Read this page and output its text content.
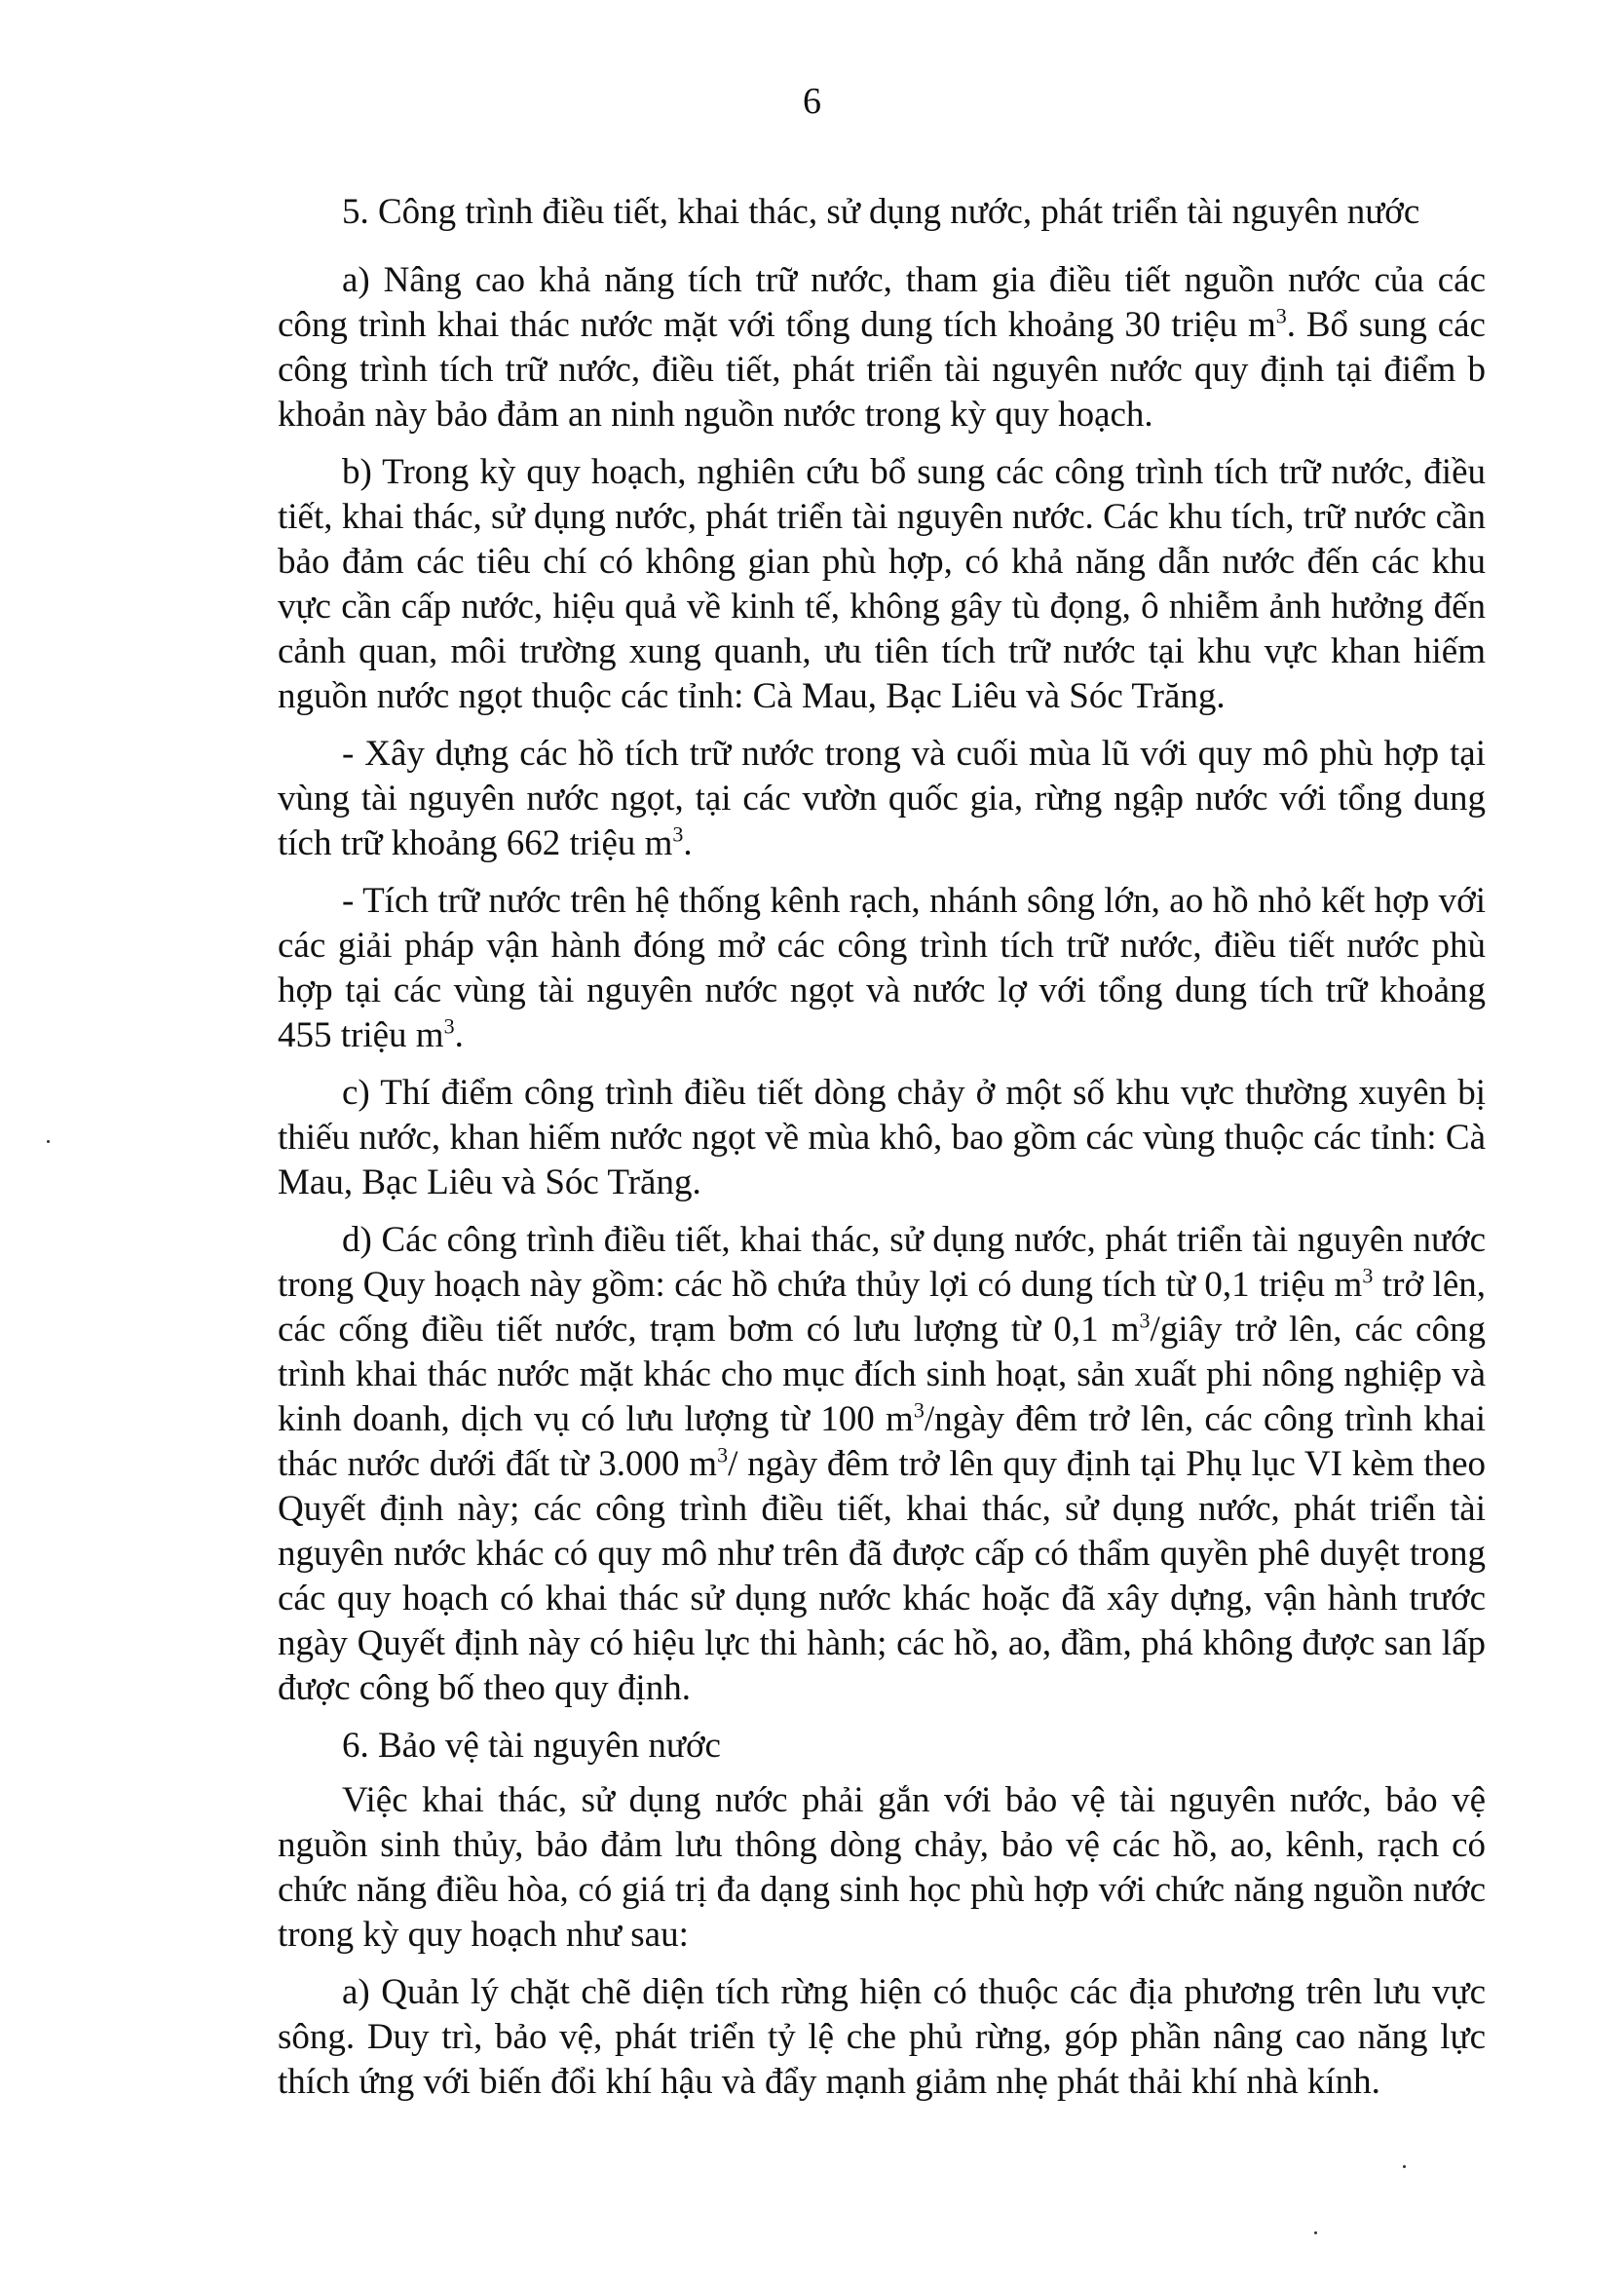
6

5. Công trình điều tiết, khai thác, sử dụng nước, phát triển tài nguyên nước

a) Nâng cao khả năng tích trữ nước, tham gia điều tiết nguồn nước của các công trình khai thác nước mặt với tổng dung tích khoảng 30 triệu $m^3$. Bổ sung các công trình tích trữ nước, điều tiết, phát triển tài nguyên nước quy định tại điểm b khoản này bảo đảm an ninh nguồn nước trong kỳ quy hoạch.

b) Trong kỳ quy hoạch, nghiên cứu bổ sung các công trình tích trữ nước, điều tiết, khai thác, sử dụng nước, phát triển tài nguyên nước. Các khu tích, trữ nước cần bảo đảm các tiêu chí có không gian phù hợp, có khả năng dẫn nước đến các khu vực cần cấp nước, hiệu quả về kinh tế, không gây tù đọng, ô nhiễm ảnh hưởng đến cảnh quan, môi trường xung quanh, ưu tiên tích trữ nước tại khu vực khan hiếm nguồn nước ngọt thuộc các tỉnh: Cà Mau, Bạc Liêu và Sóc Trăng.

- Xây dựng các hồ tích trữ nước trong và cuối mùa lũ với quy mô phù hợp tại vùng tài nguyên nước ngọt, tại các vườn quốc gia, rừng ngập nước với tổng dung tích trữ khoảng 662 triệu $m^3$.

- Tích trữ nước trên hệ thống kênh rạch, nhánh sông lớn, ao hồ nhỏ kết hợp với các giải pháp vận hành đóng mở các công trình tích trữ nước, điều tiết nước phù hợp tại các vùng tài nguyên nước ngọt và nước lợ với tổng dung tích trữ khoảng 455 triệu $m^3$.

c) Thí điểm công trình điều tiết dòng chảy ở một số khu vực thường xuyên bị thiếu nước, khan hiếm nước ngọt về mùa khô, bao gồm các vùng thuộc các tỉnh: Cà Mau, Bạc Liêu và Sóc Trăng.

d) Các công trình điều tiết, khai thác, sử dụng nước, phát triển tài nguyên nước trong Quy hoạch này gồm: các hồ chứa thủy lợi có dung tích từ 0,1 triệu $m^3$ trở lên, các cống điều tiết nước, trạm bơm có lưu lượng từ 0,1 $m^3$/giây trở lên, các công trình khai thác nước mặt khác cho mục đích sinh hoạt, sản xuất phi nông nghiệp và kinh doanh, dịch vụ có lưu lượng từ 100 $m^3$/ngày đêm trở lên, các công trình khai thác nước dưới đất từ 3.000 $m^3/$ ngày đêm trở lên quy định tại Phụ lục VI kèm theo Quyết định này; các công trình điều tiết, khai thác, sử dụng nước, phát triển tài nguyên nước khác có quy mô như trên đã được cấp có thẩm quyền phê duyệt trong các quy hoạch có khai thác sử dụng nước khác hoặc đã xây dựng, vận hành trước ngày Quyết định này có hiệu lực thi hành; các hồ, ao, đầm, phá không được san lấp được công bố theo quy định.

6. Bảo vệ tài nguyên nước

Việc khai thác, sử dụng nước phải gắn với bảo vệ tài nguyên nước, bảo vệ nguồn sinh thủy, bảo đảm lưu thông dòng chảy, bảo vệ các hồ, ao, kênh, rạch có chức năng điều hòa, có giá trị đa dạng sinh học phù hợp với chức năng nguồn nước trong kỳ quy hoạch như sau:

a) Quản lý chặt chẽ diện tích rừng hiện có thuộc các địa phương trên lưu vực sông. Duy trì, bảo vệ, phát triển tỷ lệ che phủ rừng, góp phần nâng cao năng lực thích ứng với biến đổi khí hậu và đẩy mạnh giảm nhẹ phát thải khí nhà kính.
